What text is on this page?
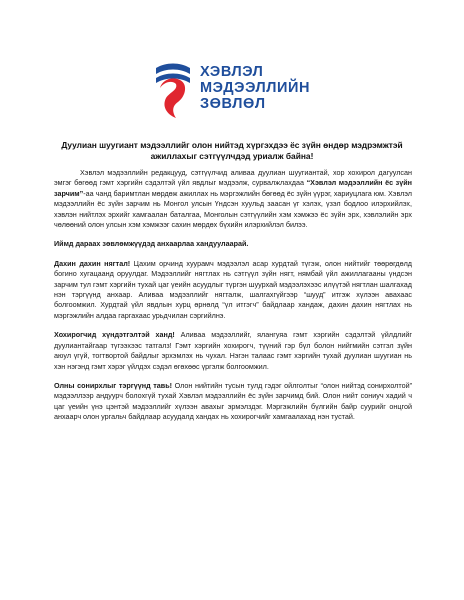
ХЭВЛЭЛ
МЭДЭЭЛЛИЙН
ЗӨВЛӨЛ
Дуулиан шуугиант мэдээллийг олон нийтэд хүргэхдээ ёс зүйн өндөр мэдрэмжтэй
ажиллахыг сэтгүүлчдэд уриалж байна!

Хэвлэл мэдээллийн редакцууд, сэтгүүлчид аливаа дуулиан шуугиантай, хор хохирол дагуулсан эмгэг бөгөөд гэмт хэргийн сэдэлтэй үйл явдлыг мэдээлж, сурвалжлахдаа “Хэвлэл мэдээллийн ёс зүйн зарчим”-аа чанд баримтлан мөрдөж ажиллах нь мэргэжлийн бөгөөд ёс зүйн үүрэг, хариуцлага юм. Хэвлэл мэдээллийн ёс зүйн зарчим нь Монгол улсын Үндсэн хуульд заасан үг хэлэх, үзэл бодлоо илэрхийлэх, хэвлэн нийтлэх эрхийг хамгаалан баталгаа, Монголын сэтгүүлийн хэм хэмжээ ёс зүйн эрх, хэвлэлийн эрх чөлөөний олон улсын хэм хэмжээг сахин мөрдөх бүхийн илэрхийлэл билээ.

Иймд дараах зөвлөмжүүдэд анхаарлаа хандуулаарай.

Дахин дахин нягтал! Цахим орчинд хуурамч мэдээлэл асар хурдтай түгэж, олон нийтийг төөрөгдөлд богино хугацаанд оруулдаг. Мэдээллийг нягтлах нь сэтгүүл зүйн нягт, нямбай үйл ажиллагааны үндсэн зарчим тул гэмт хэргийн тухай цаг үеийн асуудлыг түргэн шуурхай мэдээлэхээс илүүтэй нягтлан шалгахад нэн тэргүүнд анхаар. Аливаа мэдээллийг нягталж, шалгахгүйгээр “шууд” итгэж хүлээн авахаас болгоомжил. Хурдтай үйл явдлын хурц өрнөлд “үл итгэгч” байдлаар хандаж, дахин дахин нягтлах нь мэргэжлийн алдаа гаргахаас урьдчилан сэргийлнэ.

Хохирогчид хүндэтгэлтэй ханд! Аливаа мэдээллийг, ялангуяа гэмт хэргийн сэдэлтэй үйлдлийг дуулиантайгаар түгээхээс татгалз! Гэмт хэргийн хохирогч, түүний гэр бүл болон нийгмийн сэтгэл зүйн аюул үгүй, тогтвортой байдлыг эрхэмлэх нь чухал. Нэгэн талаас гэмт хэргийн тухай дуулиан шуугиан нь хэн нэгэнд гэмт хэрэг үйлдэх сэдэл өгөхөөс үргэлж болгоомжил.

Олны сонирхлыг тэргүүнд тавь! Олон нийтийн тусын тулд гэдэг ойлголтыг “олон нийтэд сонирхолтой” мэдээллээр андуурч болохгүй тухай Хэвлэл мэдээллийн ёс зүйн зарчимд бий. Олон нийт сониуч хадий ч цаг үеийн үнэ цэнтэй мэдээллийг хүлээн авахыг эрмэлздэг. Мэргэжлийн бүлгийн байр суурийг онцгой анхаарч олон ургальч байдлаар асуудалд хандах нь хохирогчийг хамгаалахад нэн тустай.
